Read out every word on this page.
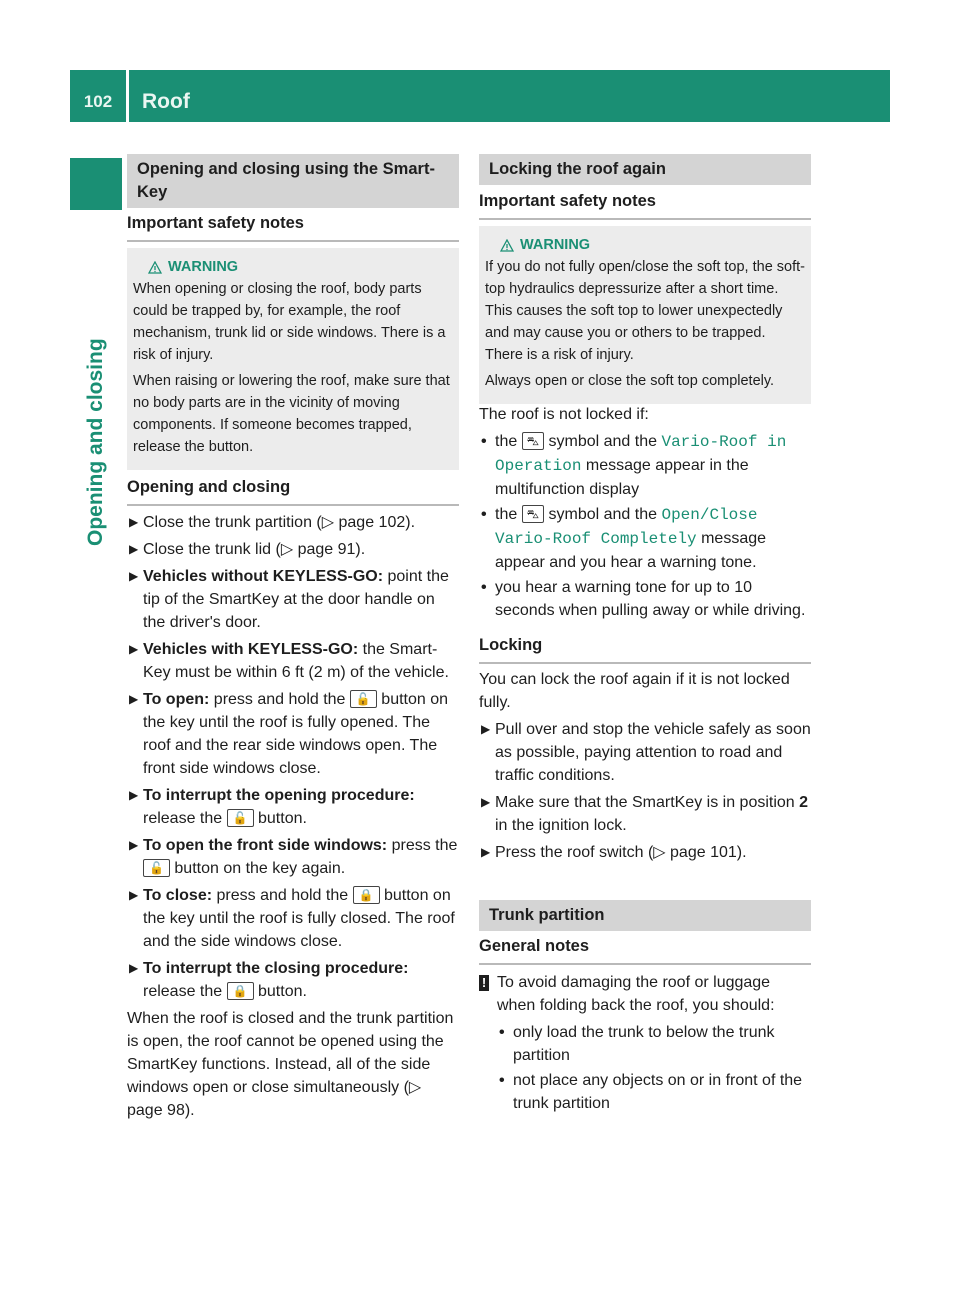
102	Roof
Opening and closing
Opening and closing using the Smart-Key
Important safety notes
WARNING

When opening or closing the roof, body parts could be trapped by, for example, the roof mechanism, trunk lid or side windows. There is a risk of injury.

When raising or lowering the roof, make sure that no body parts are in the vicinity of moving components. If someone becomes trapped, release the button.

Opening and closing
▶ Close the trunk partition (▷ page 102).
▶ Close the trunk lid (▷ page 91).
▶ Vehicles without KEYLESS-GO: point the tip of the SmartKey at the door handle on the driver's door.
▶ Vehicles with KEYLESS-GO: the Smart-Key must be within 6 ft (2 m) of the vehicle.
▶ To open: press and hold the 🔓 button on the key until the roof is fully opened. The roof and the rear side windows open. The front side windows close.
▶ To interrupt the opening procedure: release the 🔓 button.
▶ To open the front side windows: press the 🔓 button on the key again.
▶ To close: press and hold the 🔒 button on the key until the roof is fully closed. The roof and the side windows close.
▶ To interrupt the closing procedure: release the 🔒 button.

When the roof is closed and the trunk partition is open, the roof cannot be opened using the SmartKey functions. Instead, all of the side windows open or close simultaneously (▷ page 98).

Locking the roof again
Important safety notes
WARNING

If you do not fully open/close the soft top, the soft-top hydraulics depressurize after a short time. This causes the soft top to lower unexpectedly and may cause you or others to be trapped. There is a risk of injury.

Always open or close the soft top completely.

The roof is not locked if:

• the ⛍ symbol and the Vario-Roof in Operation message appear in the multifunction display
• the ⛍ symbol and the Open/Close Vario-Roof Completely message appear and you hear a warning tone.
• you hear a warning tone for up to 10 seconds when pulling away or while driving.
Locking

You can lock the roof again if it is not locked fully.

▶ Pull over and stop the vehicle safely as soon as possible, paying attention to road and traffic conditions.
▶ Make sure that the SmartKey is in position 2 in the ignition lock.
▶ Press the roof switch (▷ page 101).
Trunk partition
General notes
! To avoid damaging the roof or luggage when folding back the roof, you should:

• only load the trunk to below the trunk partition
• not place any objects on or in front of the trunk partition
